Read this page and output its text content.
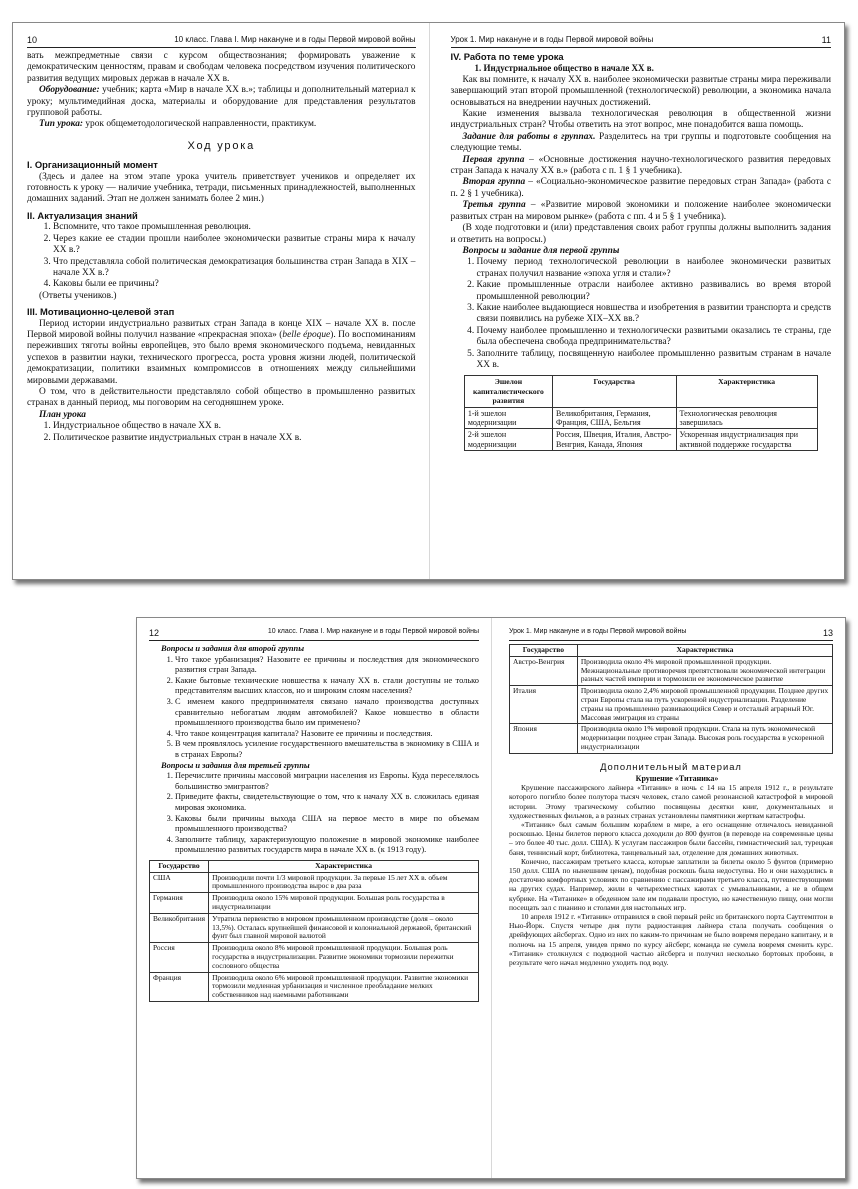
10	10 класс. Глава I. Мир накануне и в годы Первой мировой войны

вать межпредметные связи с курсом обществознания; формировать уважение к демократическим ценностям, правам и свободам человека посредством изучения политического развития ведущих мировых держав в начале XX в.

Оборудование: учебник; карта «Мир в начале XX в.»; таблицы и дополнительный материал к уроку; мультимедийная доска, материалы и оборудование для представления результатов групповой работы.

Тип урока: урок общеметодологической направленности, практикум.

Ход урока
I. Организационный момент

(Здесь и далее на этом этапе урока учитель приветствует учеников и определяет их готовность к уроку — наличие учебника, тетради, письменных принадлежностей, выполненных домашних заданий. Этап не должен занимать более 2 мин.)

II. Актуализация знаний
1. Вспомните, что такое промышленная революция.
2. Через какие ее стадии прошли наиболее экономически развитые страны мира к началу XX в.?
3. Что представляла собой политическая демократизация большинства стран Запада в XIX – начале XX в.?
4. Каковы были ее причины?

(Ответы учеников.)

III. Мотивационно-целевой этап

Период истории индустриально развитых стран Запада в конце XIX – начале XX в. после Первой мировой войны получил название «прекрасная эпоха» (belle époque). По воспоминаниям переживших тяготы войны европейцев, это было время экономического подъема, невиданных успехов в развитии науки, технического прогресса, роста уровня жизни людей, политической демократизации, политики взаимных компромиссов в отношениях между сильнейшими мировыми державами.

О том, что в действительности представляло собой общество в промышленно развитых странах в данный период, мы поговорим на сегодняшнем уроке.

План урока

1. Индустриальное общество в начале XX в.
2. Политическое развитие индустриальных стран в начале XX в.
Урок 1. Мир накануне и в годы Первой мировой войны	11
IV. Работа по теме урока

1. Индустриальное общество в начале XX в.

Как вы помните, к началу XX в. наиболее экономически развитые страны мира переживали завершающий этап второй промышленной (технологической) революции, а экономика начала основываться на внедрении научных достижений.

Какие изменения вызвала технологическая революция в общественной жизни индустриальных стран? Чтобы ответить на этот вопрос, мне понадобится ваша помощь.

Задание для работы в группах. Разделитесь на три группы и подготовьте сообщения на следующие темы.

Первая группа – «Основные достижения научно-технологического развития передовых стран Запада к началу XX в.» (работа с п. 1 § 1 учебника).

Вторая группа – «Социально-экономическое развитие передовых стран Запада» (работа с п. 2 § 1 учебника).

Третья группа – «Развитие мировой экономики и положение наиболее экономически развитых стран на мировом рынке» (работа с пп. 4 и 5 § 1 учебника).

(В ходе подготовки и (или) представления своих работ группы должны выполнить задания и ответить на вопросы.)

Вопросы и задание для первой группы

1. Почему период технологической революции в наиболее экономически развитых странах получил название «эпоха угля и стали»?
2. Какие промышленные отрасли наиболее активно развивались во время второй промышленной революции?
3. Какие наиболее выдающиеся новшества и изобретения в развитии транспорта и средств связи появились на рубеже XIX–XX вв.?
4. Почему наиболее промышленно и технологически развитыми оказались те страны, где была обеспечена свобода предпринимательства?
5. Заполните таблицу, посвященную наиболее промышленно развитым странам в начале XX в.
Эшелон капиталистического развития	Государства	Характеристика
1-й эшелон модернизации	Великобритания, Германия, Франция, США, Бельгия	Технологическая революция завершилась
2-й эшелон модернизации	Россия, Швеция, Италия, Австро-Венгрия, Канада, Япония	Ускоренная индустриализация при активной поддержке государства
12	10 класс. Глава I. Мир накануне и в годы Первой мировой войны

Вопросы и задания для второй группы

1. Что такое урбанизация? Назовите ее причины и последствия для экономического развития стран Запада.
2. Какие бытовые технические новшества к началу XX в. стали доступны не только представителям высших классов, но и широким слоям населения?
3. С именем какого предпринимателя связано начало производства доступных сравнительно небогатым людям автомобилей? Какое новшество в области промышленного производства было им применено?
4. Что такое концентрация капитала? Назовите ее причины и последствия.
5. В чем проявлялось усиление государственного вмешательства в экономику в США и в странах Европы?

Вопросы и задания для третьей группы

1. Перечислите причины массовой миграции населения из Европы. Куда переселялось большинство эмигрантов?
2. Приведите факты, свидетельствующие о том, что к началу XX в. сложилась единая мировая экономика.
3. Каковы были причины выхода США на первое место в мире по объемам промышленного производства?
4. Заполните таблицу, характеризующую положение в мировой экономике наиболее промышленно развитых государств мира в начале XX в. (к 1913 году).
Государство	Характеристика
США	Производили почти 1/3 мировой продукции. За первые 15 лет XX в. объем промышленного производства вырос в два раза
Германия	Производила около 15% мировой продукции. Большая роль государства в индустриализации
Великобритания	Утратила первенство в мировом промышленном производстве (доля – около 13,5%). Осталась крупнейшей финансовой и колониальной державой, британский фунт был главной мировой валютой
Россия	Производила около 8% мировой промышленной продукции. Большая роль государства в индустриализации. Развитие экономики тормозили пережитки сословного общества
Франция	Производила около 6% мировой промышленной продукции. Развитие экономики тормозили медленная урбанизация и численное преобладание мелких собственников над наемными работниками
Урок 1. Мир накануне и в годы Первой мировой войны	13
Государство	Характеристика
Австро-Венгрия	Производила около 4% мировой промышленной продукции. Межнациональные противоречия препятствовали экономической интеграции разных частей империи и тормозили ее экономическое развитие
Италия	Производила около 2,4% мировой промышленной продукции. Позднее других стран Европы стала на путь ускоренной индустриализации. Разделение страны на промышленно развивающийся Север и отсталый аграрный Юг. Массовая эмиграция из страны
Япония	Производила около 1% мировой продукции. Стала на путь экономической модернизации позднее стран Запада. Высокая роль государства в ускоренной индустриализации
Дополнительный материал

Крушение «Титаника»

Крушение пассажирского лайнера «Титаник» в ночь с 14 на 15 апреля 1912 г., в результате которого погибло более полутора тысяч человек, стало самой резонансной катастрофой в мировой истории. Этому трагическому событию посвящены десятки книг, документальных и художественных фильмов, а в разных странах установлены памятники жертвам катастрофы.

«Титаник» был самым большим кораблем в мире, а его оснащение отличалось невиданной роскошью. Цены билетов первого класса доходили до 800 фунтов (в переводе на современные цены – это более 40 тыс. долл. США). К услугам пассажиров были бассейн, гимнастический зал, турецкая баня, теннисный корт, библиотека, танцевальный зал, отделение для домашних животных.

Конечно, пассажирам третьего класса, которые заплатили за билеты около 5 фунтов (примерно 150 долл. США по нынешним ценам), подобная роскошь была недоступна. Но и они находились в достаточно комфортных условиях по сравнению с пассажирами третьего класса, путешествующими на других судах. Например, жили в четырехместных каютах с умывальниками, а не в общем кубрике. На «Титанике» в обеденном зале им подавали простую, но качественную пищу, они могли посещать зал с пианино и столами для настольных игр.

10 апреля 1912 г. «Титаник» отправился в свой первый рейс из британского порта Саутгемптон в Нью-Йорк. Спустя четыре дня пути радиостанция лайнера стала получать сообщения о дрейфующих айсбергах. Одно из них по каким-то причинам не было вовремя передано капитану, и в полночь на 15 апреля, увидев прямо по курсу айсберг, команда не сумела вовремя сменить курс. «Титаник» столкнулся с подводной частью айсберга и получил несколько бортовых пробоин, в результате чего начал медленно уходить под воду.
